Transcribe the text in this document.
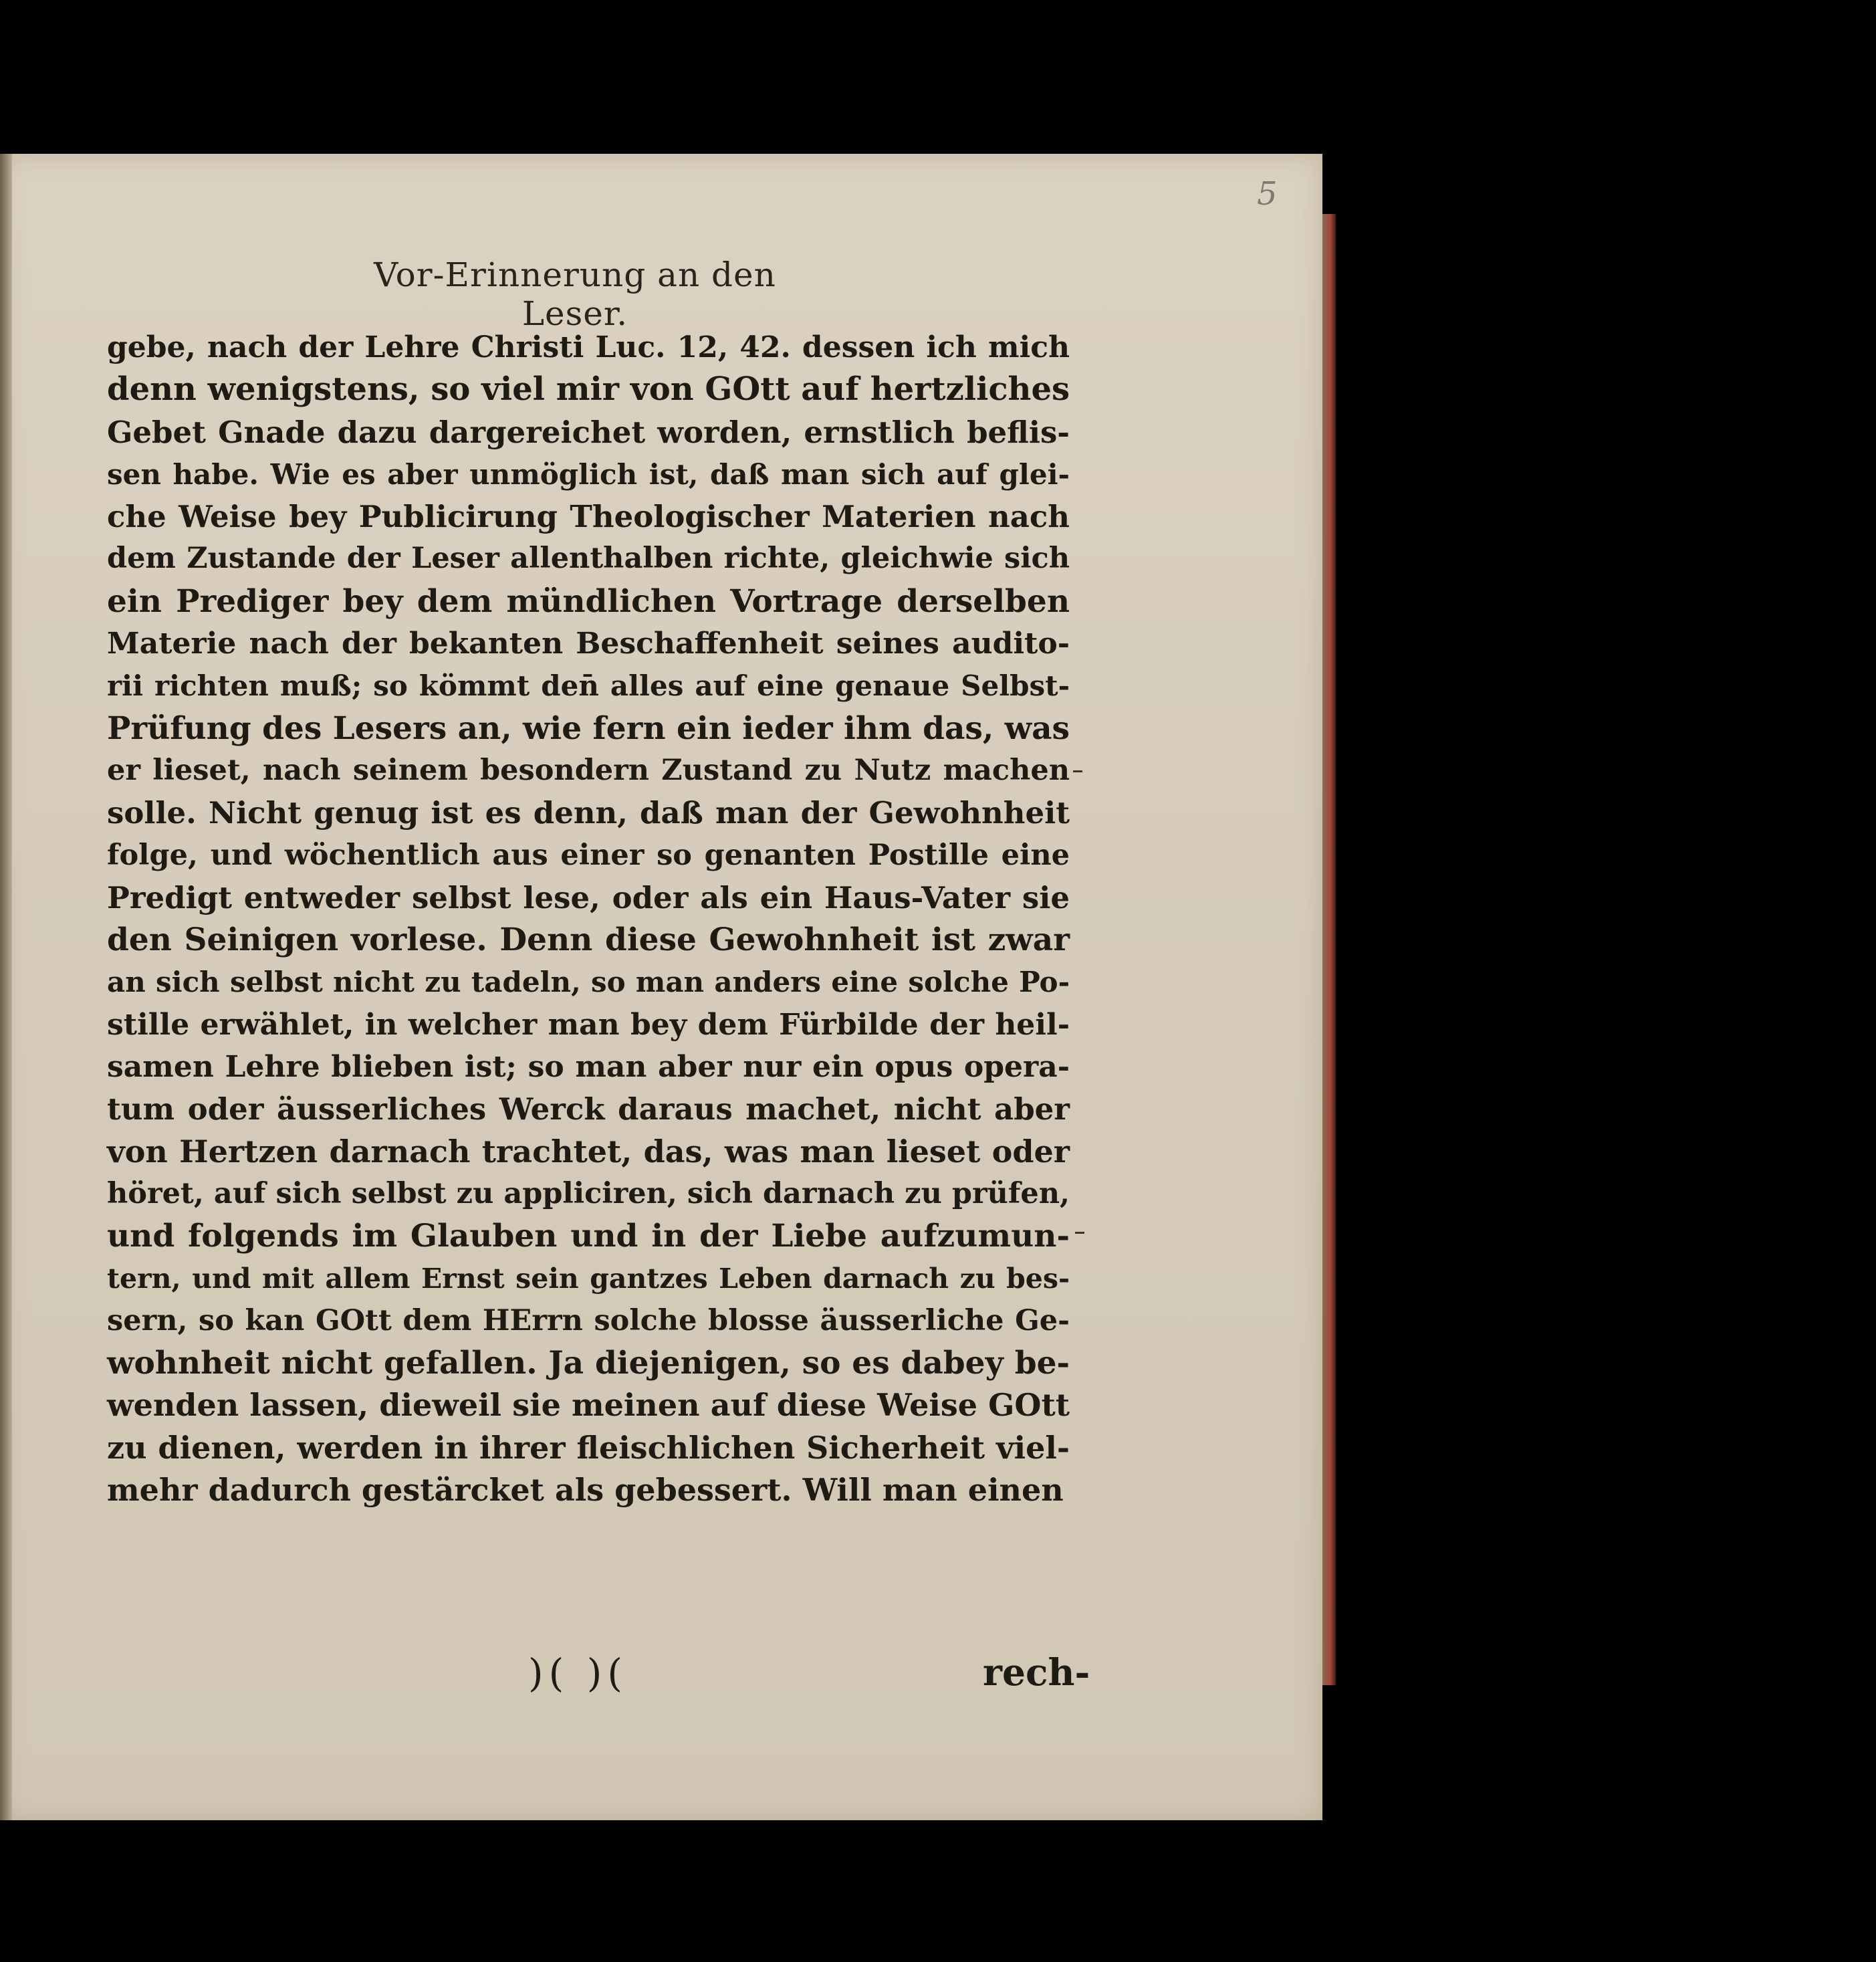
5
Vor-Erinnerung an den Leser.
gebe, nach der Lehre Christi Luc. 12, 42. dessen ich mich
denn wenigstens, so viel mir von GOtt auf hertzliches
Gebet Gnade dazu dargereichet worden, ernstlich beflis-
sen habe. Wie es aber unmöglich ist, daß man sich auf glei-
che Weise bey Publicirung Theologischer Materien nach
dem Zustande der Leser allenthalben richte, gleichwie sich
ein Prediger bey dem mündlichen Vortrage derselben
Materie nach der bekanten Beschaffenheit seines audito-
rii richten muß; so kömmt den̄ alles auf eine genaue Selbst-
Prüfung des Lesers an, wie fern ein ieder ihm das, was
er lieset, nach seinem besondern Zustand zu Nutz machen
solle. Nicht genug ist es denn, daß man der Gewohnheit
folge, und wöchentlich aus einer so genanten Postille eine
Predigt entweder selbst lese, oder als ein Haus-Vater sie
den Seinigen vorlese. Denn diese Gewohnheit ist zwar
an sich selbst nicht zu tadeln, so man anders eine solche Po-
stille erwählet, in welcher man bey dem Fürbilde der heil-
samen Lehre blieben ist; so man aber nur ein opus opera-
tum oder äusserliches Werck daraus machet, nicht aber
von Hertzen darnach trachtet, das, was man lieset oder
höret, auf sich selbst zu appliciren, sich darnach zu prüfen,
und folgends im Glauben und in der Liebe aufzumun-
tern, und mit allem Ernst sein gantzes Leben darnach zu bes-
sern, so kan GOtt dem HErrn solche blosse äusserliche Ge-
wohnheit nicht gefallen. Ja diejenigen, so es dabey be-
wenden lassen, dieweil sie meinen auf diese Weise GOtt
zu dienen, werden in ihrer fleischlichen Sicherheit viel-
mehr dadurch gestärcket als gebessert. Will man einen
)( )(	rech-
